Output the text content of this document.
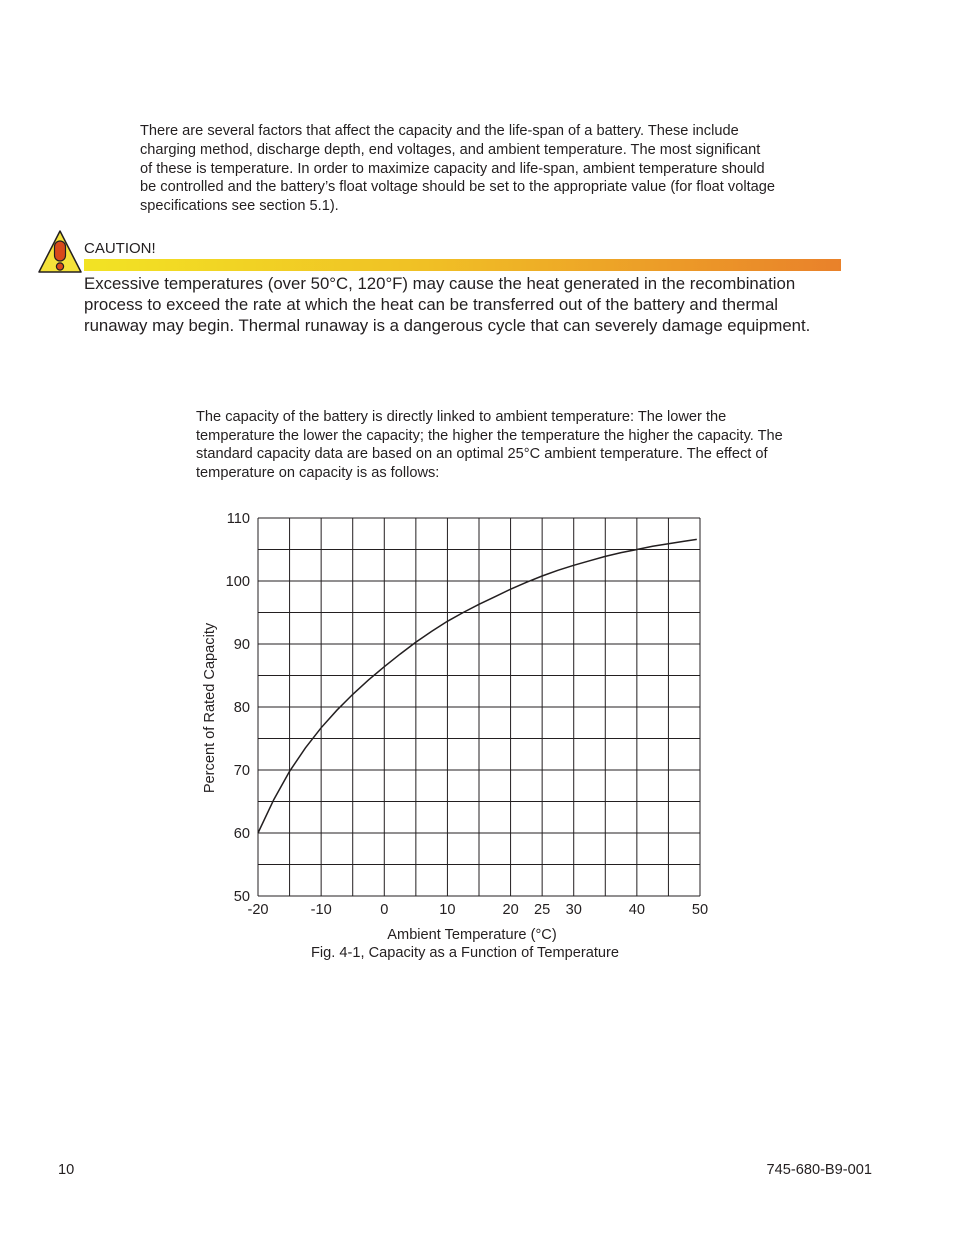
There are several factors that affect the capacity and the life-span of a battery. These include
charging method, discharge depth, end voltages, and ambient temperature. The most significant
of these is temperature. In order to maximize capacity and life-span, ambient temperature should
be controlled and the battery’s float voltage should be set to the appropriate value (for float voltage
specifications see section 5.1).

CAUTION!

Excessive temperatures (over 50°C, 120°F) may cause the heat generated in the recombination
process to exceed the rate at which the heat can be transferred out of the battery and thermal
runaway may begin. Thermal runaway is a dangerous cycle that can severely damage equipment.

The capacity of the battery is directly linked to ambient temperature: The lower the
temperature the lower the capacity; the higher the temperature the higher the capacity. The
standard capacity data are based on an optimal 25°C ambient temperature. The effect of
temperature on capacity is as follows:

-20	-10	0	10	20 25 30	40	50
50
60
70
80
90
100
110
Ambient Temperature (°C)
Percent of Rated Capacity
Fig. 4-1, Capacity as a Function of Temperature
10	745-680-B9-001
